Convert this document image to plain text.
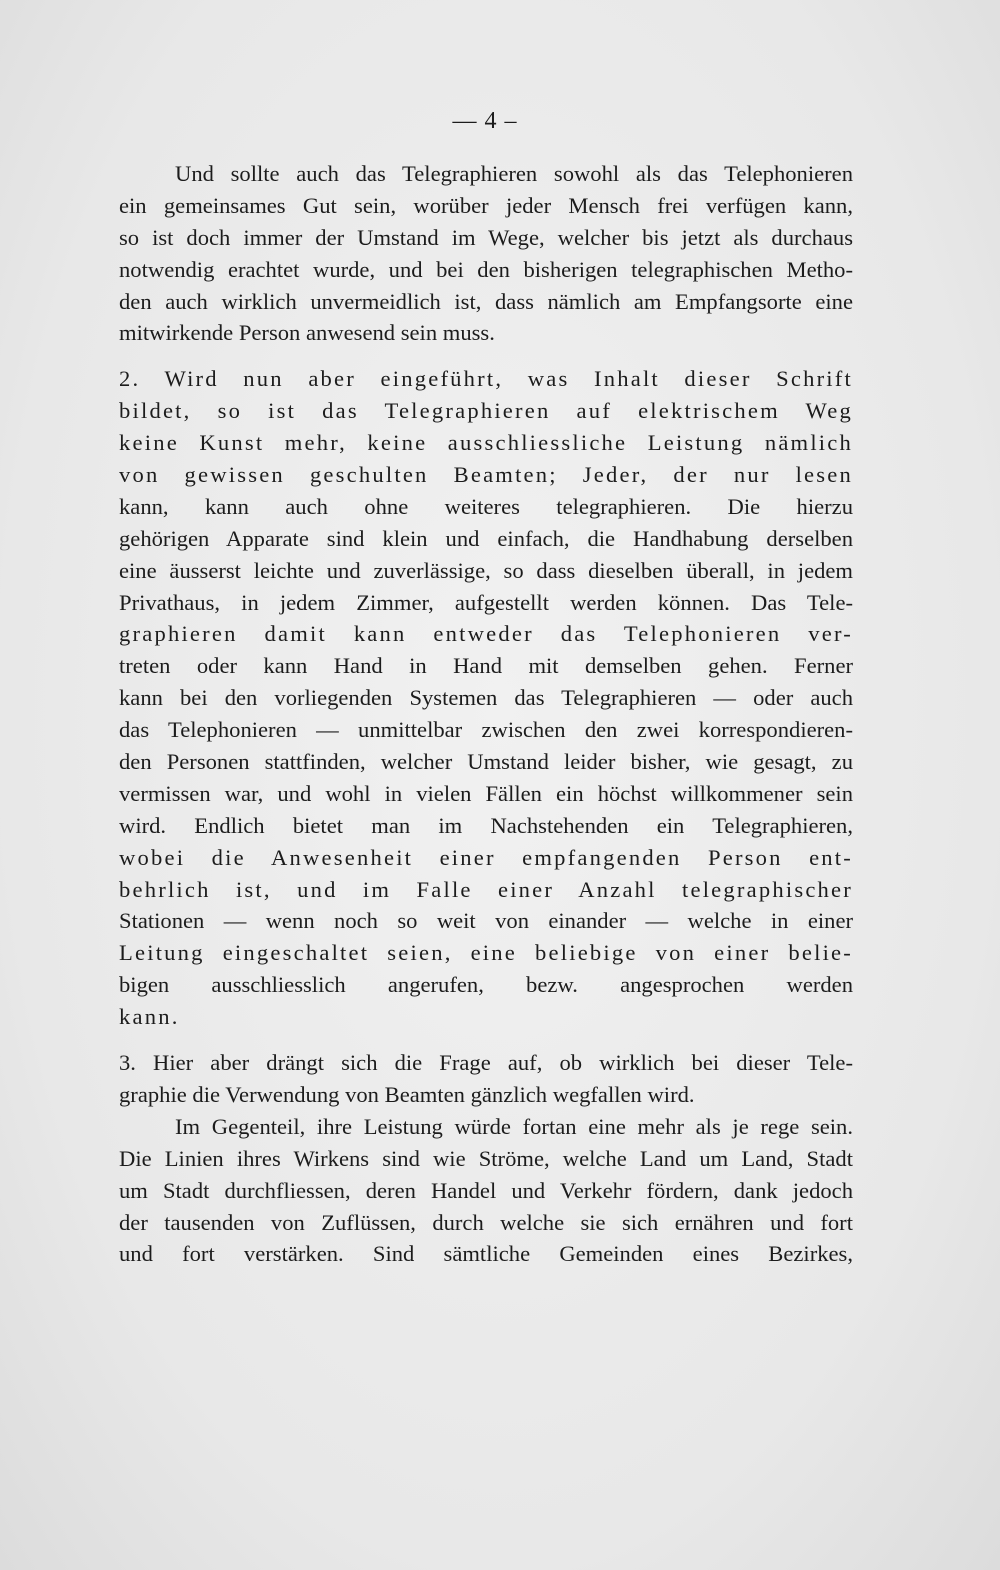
— 4 –
Und sollte auch das Telegraphieren sowohl als das Telephonieren
ein gemeinsames Gut sein, worüber jeder Mensch frei verfügen kann,
so ist doch immer der Umstand im Wege, welcher bis jetzt als durchaus
notwendig erachtet wurde, und bei den bisherigen telegraphischen Metho-
den auch wirklich unvermeidlich ist, dass nämlich am Empfangsorte eine
mitwirkende Person anwesend sein muss.
2. Wird nun aber eingeführt, was Inhalt dieser Schrift
bildet, so ist das Telegraphieren auf elektrischem Weg
keine Kunst mehr, keine ausschliessliche Leistung nämlich
von gewissen geschulten Beamten; Jeder, der nur lesen
kann, kann auch ohne weiteres telegraphieren. Die hierzu
gehörigen Apparate sind klein und einfach, die Handhabung derselben
eine äusserst leichte und zuverlässige, so dass dieselben überall, in jedem
Privathaus, in jedem Zimmer, aufgestellt werden können. Das Tele-
graphieren damit kann entweder das Telephonieren ver-
treten oder kann Hand in Hand mit demselben gehen. Ferner
kann bei den vorliegenden Systemen das Telegraphieren — oder auch
das Telephonieren — unmittelbar zwischen den zwei korrespondieren-
den Personen stattfinden, welcher Umstand leider bisher, wie gesagt, zu
vermissen war, und wohl in vielen Fällen ein höchst willkommener sein
wird. Endlich bietet man im Nachstehenden ein Telegraphieren,
wobei die Anwesenheit einer empfangenden Person ent-
behrlich ist, und im Falle einer Anzahl telegraphischer
Stationen — wenn noch so weit von einander — welche in einer
Leitung eingeschaltet seien, eine beliebige von einer belie-
bigen ausschliesslich angerufen, bezw. angesprochen werden
kann.
3. Hier aber drängt sich die Frage auf, ob wirklich bei dieser Tele-
graphie die Verwendung von Beamten gänzlich wegfallen wird.
Im Gegenteil, ihre Leistung würde fortan eine mehr als je rege sein.
Die Linien ihres Wirkens sind wie Ströme, welche Land um Land, Stadt
um Stadt durchfliessen, deren Handel und Verkehr fördern, dank jedoch
der tausenden von Zuflüssen, durch welche sie sich ernähren und fort
und fort verstärken. Sind sämtliche Gemeinden eines Bezirkes,
